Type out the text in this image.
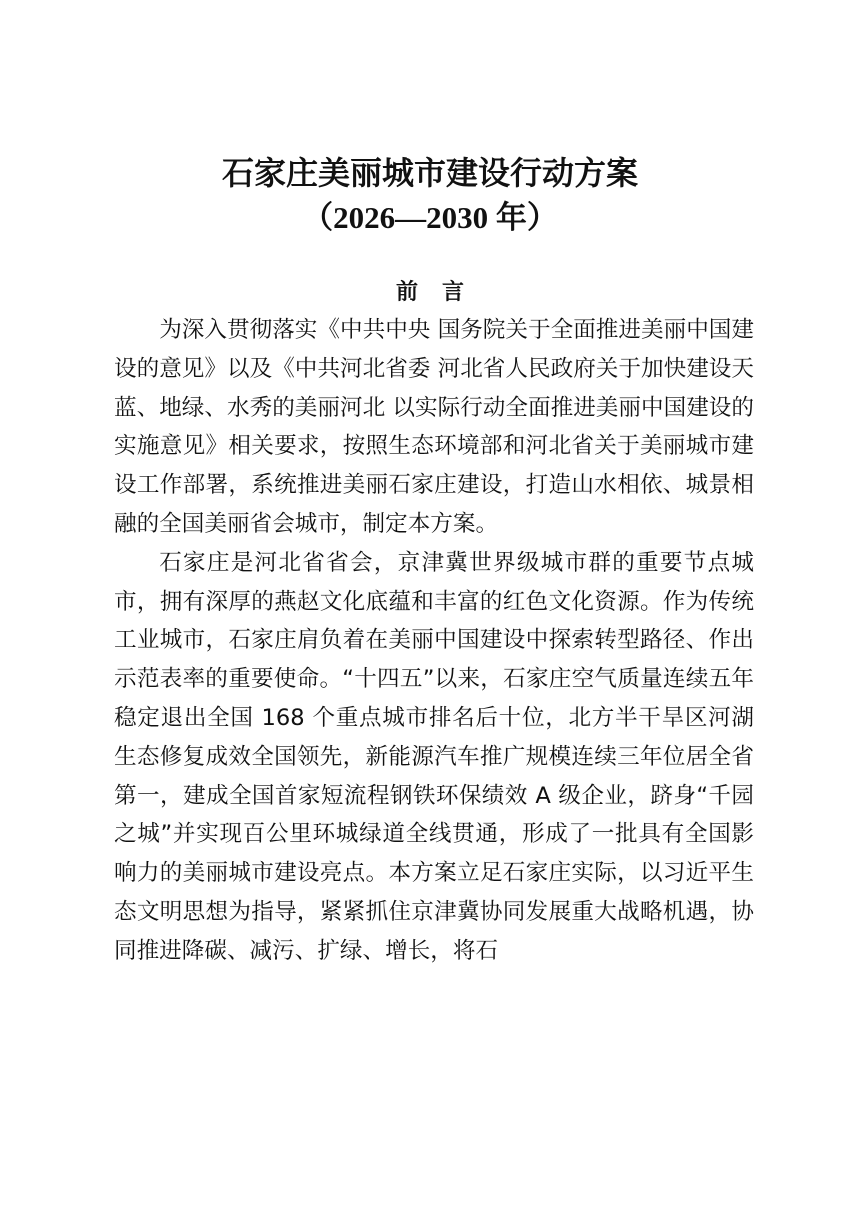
石家庄美丽城市建设行动方案
（2026—2030 年）
前言

为深入贯彻落实《中共中央 国务院关于全面推进美丽中国建设的意见》以及《中共河北省委 河北省人民政府关于加快建设天蓝、地绿、水秀的美丽河北 以实际行动全面推进美丽中国建设的实施意见》相关要求，按照生态环境部和河北省关于美丽城市建设工作部署，系统推进美丽石家庄建设，打造山水相依、城景相融的全国美丽省会城市，制定本方案。

石家庄是河北省省会，京津冀世界级城市群的重要节点城市，拥有深厚的燕赵文化底蕴和丰富的红色文化资源。作为传统工业城市，石家庄肩负着在美丽中国建设中探索转型路径、作出示范表率的重要使命。“十四五”以来，石家庄空气质量连续五年稳定退出全国 168 个重点城市排名后十位，北方半干旱区河湖生态修复成效全国领先，新能源汽车推广规模连续三年位居全省第一，建成全国首家短流程钢铁环保绩效 A 级企业，跻身“千园之城”并实现百公里环城绿道全线贯通，形成了一批具有全国影响力的美丽城市建设亮点。本方案立足石家庄实际，以习近平生态文明思想为指导，紧紧抓住京津冀协同发展重大战略机遇，协同推进降碳、减污、扩绿、增长，将石
